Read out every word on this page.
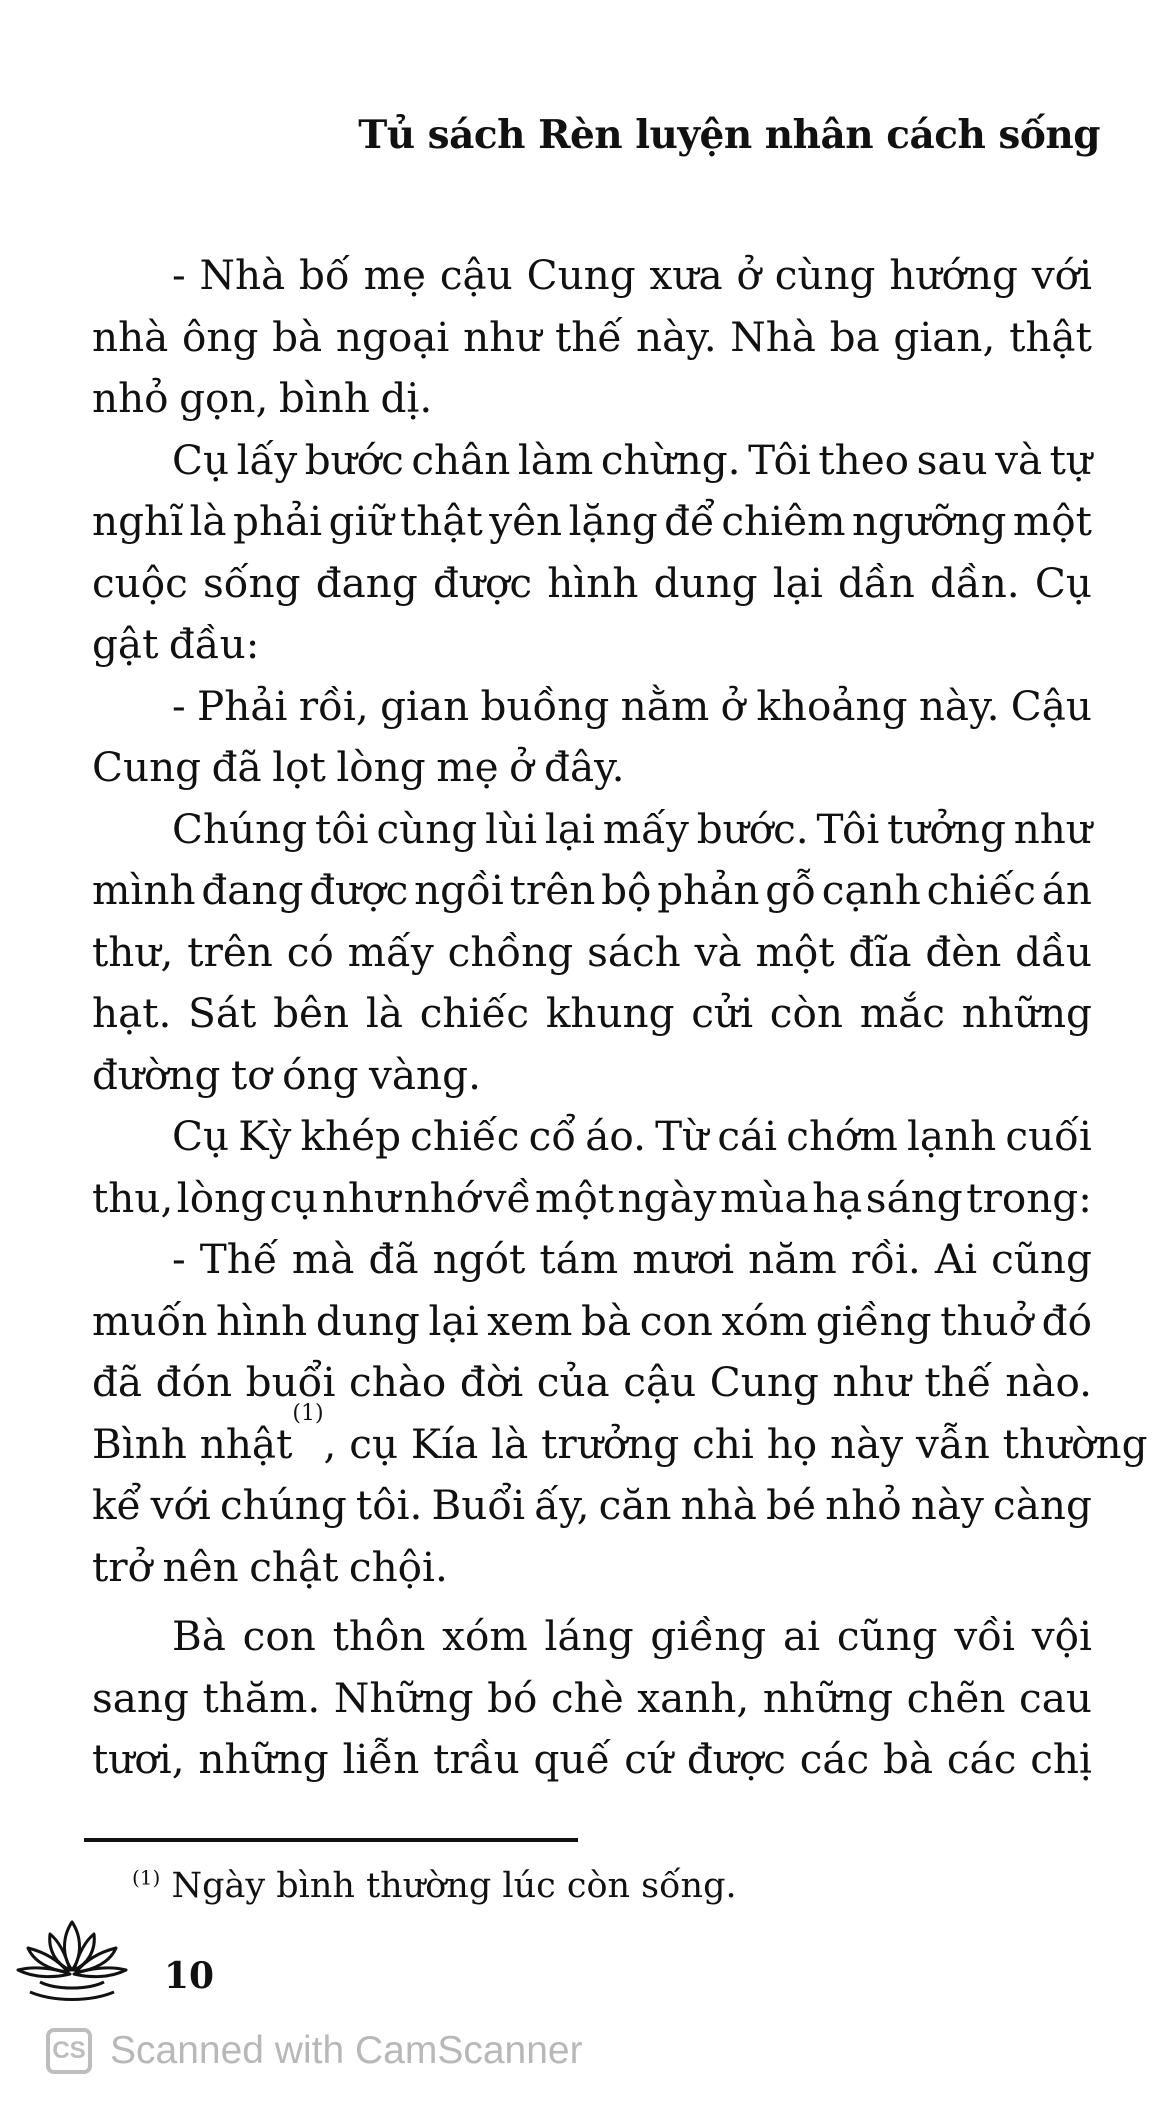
Tủ sách Rèn luyện nhân cách sống
- Nhà bố mẹ cậu Cung xưa ở cùng hướng với
nhà ông bà ngoại như thế này. Nhà ba gian, thật
nhỏ gọn, bình dị.
Cụ lấy bước chân làm chừng. Tôi theo sau và tự
nghĩ là phải giữ thật yên lặng để chiêm ngưỡng một
cuộc sống đang được hình dung lại dần dần. Cụ
gật đầu:
- Phải rồi, gian buồng nằm ở khoảng này. Cậu
Cung đã lọt lòng mẹ ở đây.
Chúng tôi cùng lùi lại mấy bước. Tôi tưởng như
mình đang được ngồi trên bộ phản gỗ cạnh chiếc án
thư, trên có mấy chồng sách và một đĩa đèn dầu
hạt. Sát bên là chiếc khung cửi còn mắc những
đường tơ óng vàng.
Cụ Kỳ khép chiếc cổ áo. Từ cái chớm lạnh cuối
thu, lòng cụ như nhớ về một ngày mùa hạ sáng trong:
- Thế mà đã ngót tám mươi năm rồi. Ai cũng
muốn hình dung lại xem bà con xóm giềng thuở đó
đã đón buổi chào đời của cậu Cung như thế nào.
Bình nhật
(1)
, cụ Kía là trưởng chi họ này vẫn thường
kể với chúng tôi. Buổi ấy, căn nhà bé nhỏ này càng
trở nên chật chội.
Bà con thôn xóm láng giềng ai cũng vồi vội
sang thăm. Những bó chè xanh, những chẽn cau
tươi, những liễn trầu quế cứ được các bà các chị
$^{(1)}$ Ngày bình thường lúc còn sống.
10
CS Scanned with CamScanner
